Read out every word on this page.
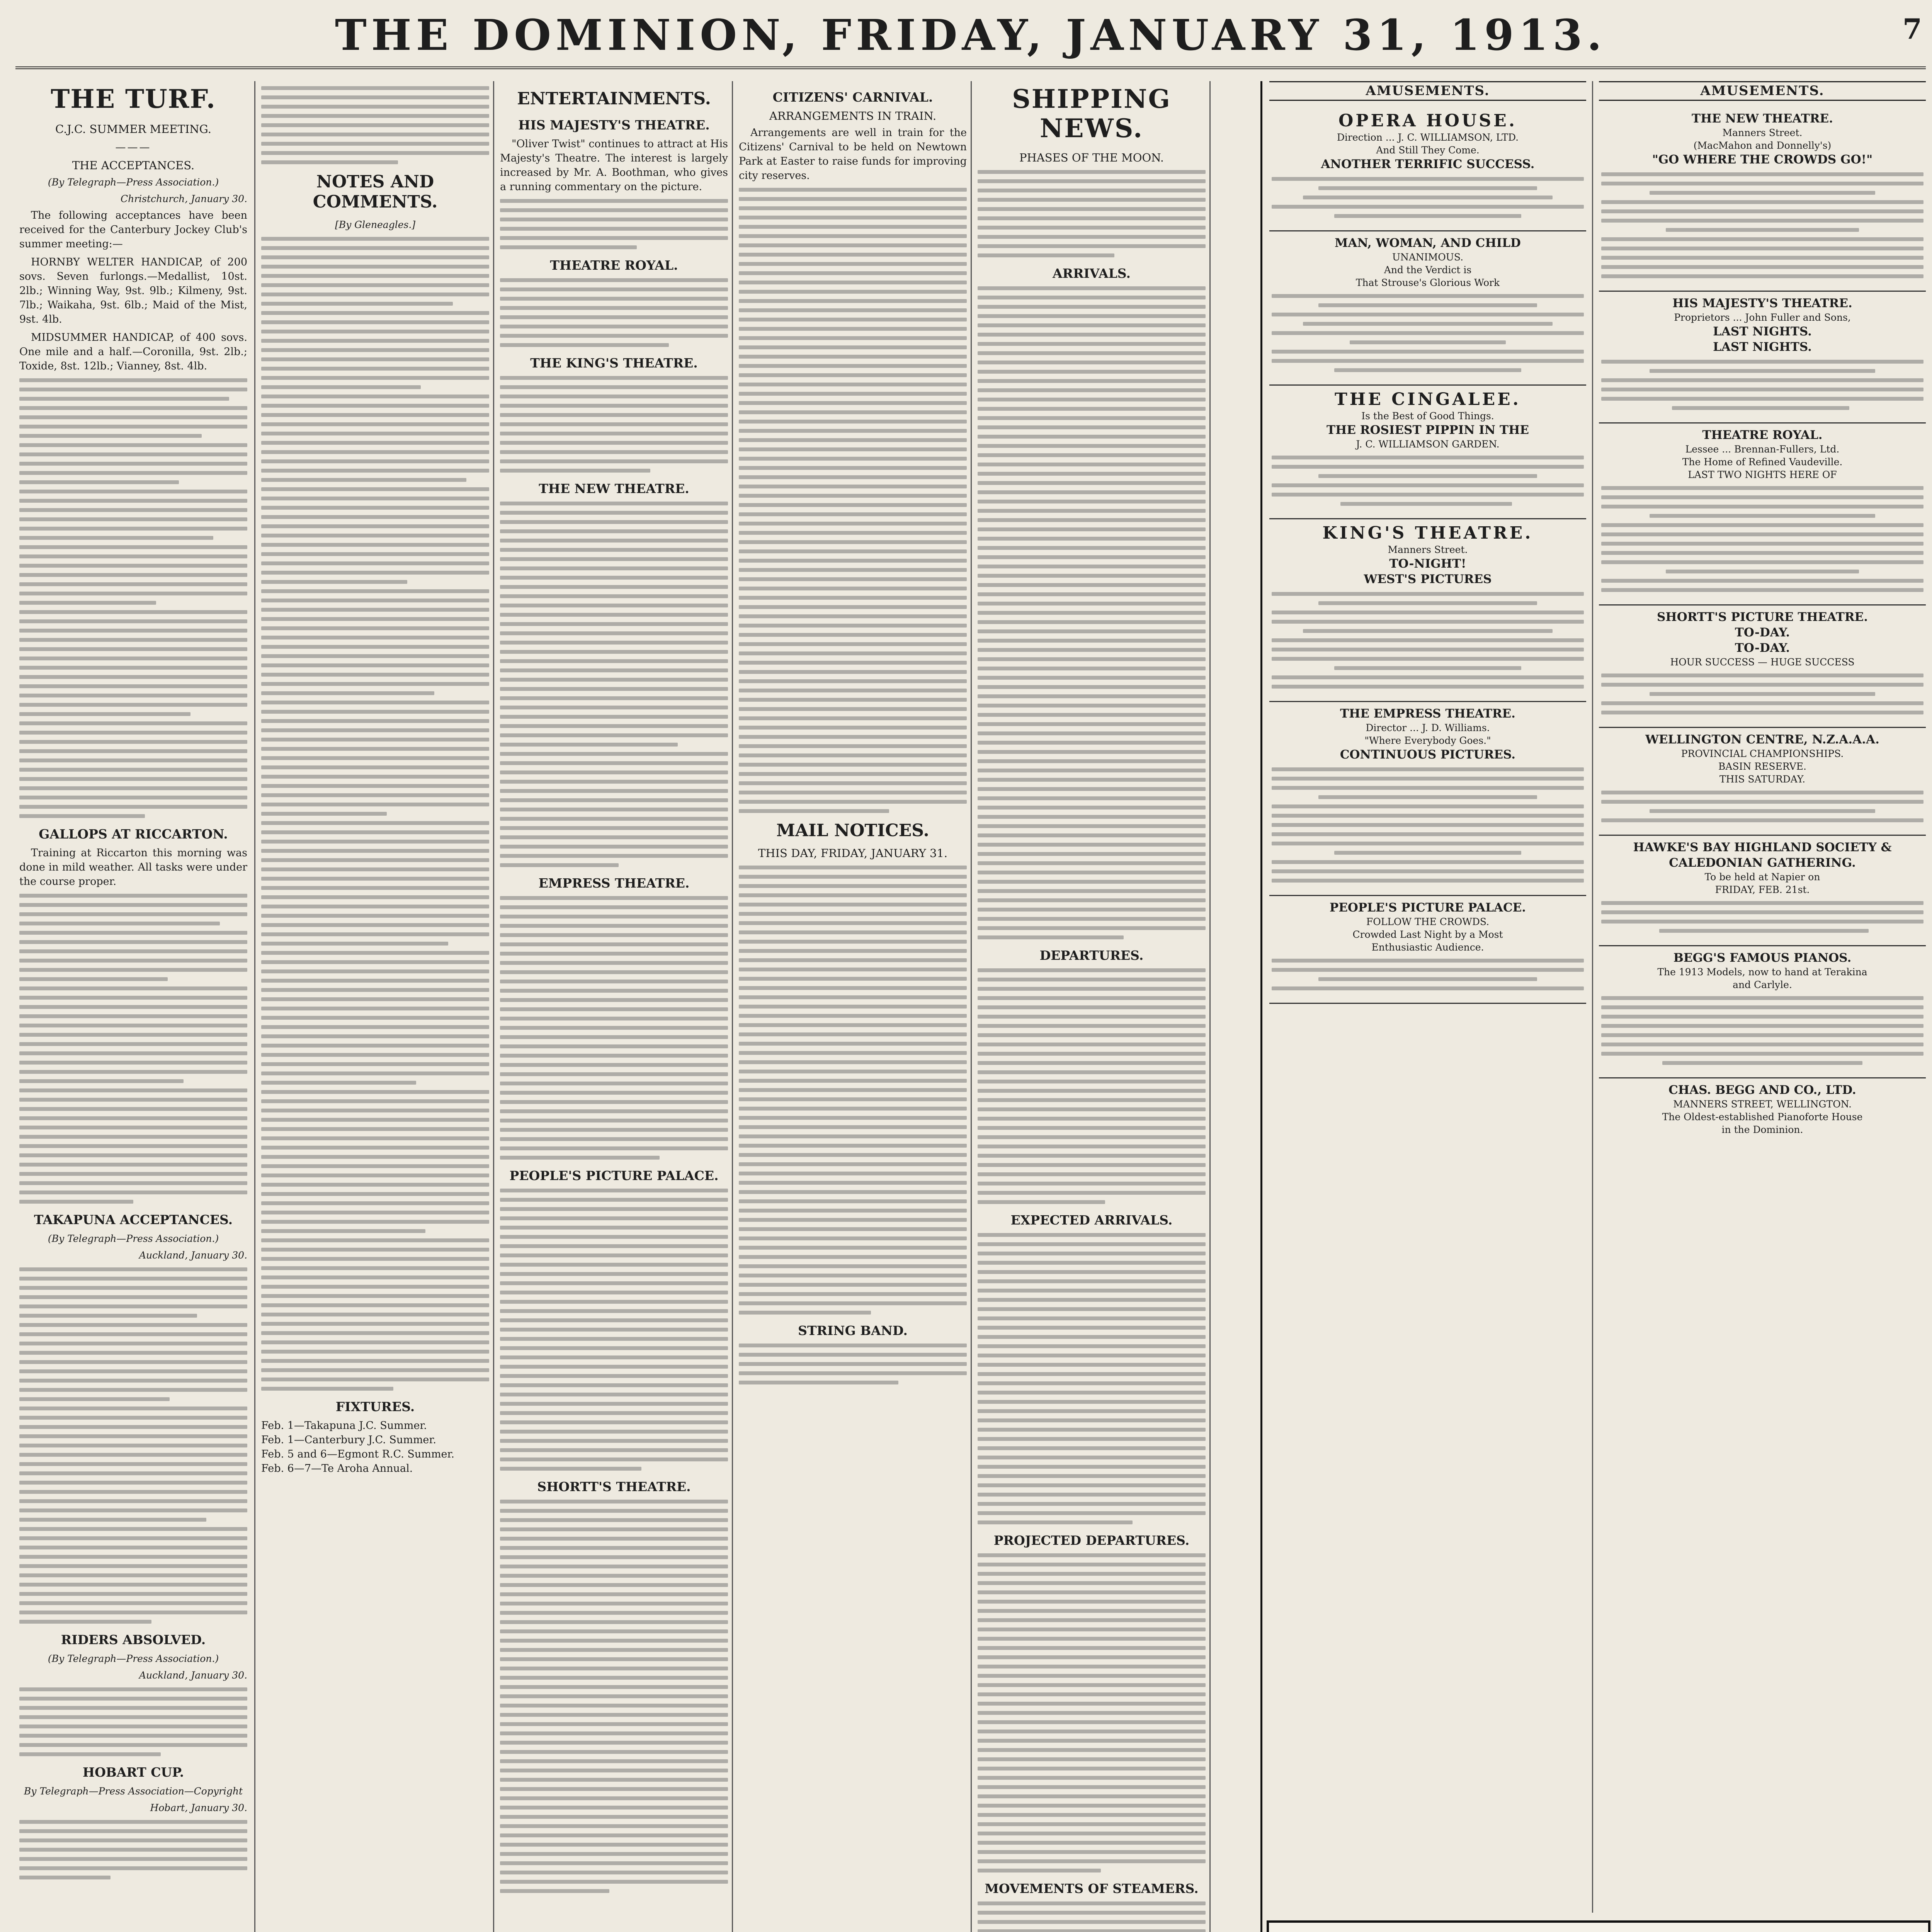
THE DOMINION, FRIDAY, JANUARY 31, 1913.	7
THE TURF.
C.J.C. SUMMER MEETING.
———
THE ACCEPTANCES.
(By Telegraph—Press Association.)
Christchurch, January 30.

The following acceptances have been received for the Canterbury Jockey Club's summer meeting:—

HORNBY WELTER HANDICAP, of 200 sovs. Seven furlongs.—Medallist, 10st. 2lb.; Winning Way, 9st. 9lb.; Kilmeny, 9st. 7lb.; Waikaha, 9st. 6lb.; Maid of the Mist, 9st. 4lb.

MIDSUMMER HANDICAP, of 400 sovs. One mile and a half.—Coronilla, 9st. 2lb.; Toxide, 8st. 12lb.; Vianney, 8st. 4lb.

GALLOPS AT RICCARTON.

Training at Riccarton this morning was done in mild weather. All tasks were under the course proper.

TAKAPUNA ACCEPTANCES.
(By Telegraph—Press Association.)
Auckland, January 30.
RIDERS ABSOLVED.
(By Telegraph—Press Association.)
Auckland, January 30.
HOBART CUP.
By Telegraph—Press Association—Copyright
Hobart, January 30.
NOTES AND COMMENTS.
[By Gleneagles.]
FIXTURES.
Feb. 1—Takapuna J.C. Summer.
Feb. 1—Canterbury J.C. Summer.
Feb. 5 and 6—Egmont R.C. Summer.
Feb. 6—7—Te Aroha Annual.
ENTERTAINMENTS.
HIS MAJESTY'S THEATRE.

"Oliver Twist" continues to attract at His Majesty's Theatre. The interest is largely increased by Mr. A. Boothman, who gives a running commentary on the picture.

THEATRE ROYAL.
THE KING'S THEATRE.
THE NEW THEATRE.
EMPRESS THEATRE.
PEOPLE'S PICTURE PALACE.
SHORTT'S THEATRE.
CITIZENS' CARNIVAL.
ARRANGEMENTS IN TRAIN.

Arrangements are well in train for the Citizens' Carnival to be held on Newtown Park at Easter to raise funds for improving city reserves.

MAIL NOTICES.
THIS DAY, FRIDAY, JANUARY 31.
STRING BAND.
SHIPPING NEWS.
PHASES OF THE MOON.
ARRIVALS.
DEPARTURES.
EXPECTED ARRIVALS.
PROJECTED DEPARTURES.
MOVEMENTS OF STEAMERS.
AMUSEMENTS.
OPERA HOUSE.
Direction ... J. C. WILLIAMSON, LTD.
And Still They Come.
ANOTHER TERRIFIC SUCCESS.
MAN, WOMAN, AND CHILD
UNANIMOUS.
And the Verdict is
That Strouse's Glorious Work
THE CINGALEE.
Is the Best of Good Things.
THE ROSIEST PIPPIN IN THE
J. C. WILLIAMSON GARDEN.
KING'S THEATRE.
Manners Street.
TO-NIGHT!
WEST'S PICTURES
THE EMPRESS THEATRE.
Director ... J. D. Williams.
"Where Everybody Goes."
CONTINUOUS PICTURES.
PEOPLE'S PICTURE PALACE.
FOLLOW THE CROWDS.
Crowded Last Night by a Most
Enthusiastic Audience.
AMUSEMENTS.
THE NEW THEATRE.
Manners Street.
(MacMahon and Donnelly's)
"GO WHERE THE CROWDS GO!"
HIS MAJESTY'S THEATRE.
Proprietors ... John Fuller and Sons,
LAST NIGHTS.
LAST NIGHTS.
THEATRE ROYAL.
Lessee ... Brennan-Fullers, Ltd.
The Home of Refined Vaudeville.
LAST TWO NIGHTS HERE OF
SHORTT'S PICTURE THEATRE.
TO-DAY.
TO-DAY.
HOUR SUCCESS — HUGE SUCCESS
WELLINGTON CENTRE, N.Z.A.A.A.
PROVINCIAL CHAMPIONSHIPS.
BASIN RESERVE.
THIS SATURDAY.
HAWKE'S BAY HIGHLAND SOCIETY & CALEDONIAN GATHERING.
To be held at Napier on
FRIDAY, FEB. 21st.
BEGG'S FAMOUS PIANOS.
The 1913 Models, now to hand at Terakina
and Carlyle.
CHAS. BEGG AND CO., LTD.
MANNERS STREET, WELLINGTON.
The Oldest-established Pianoforte House
in the Dominion.
